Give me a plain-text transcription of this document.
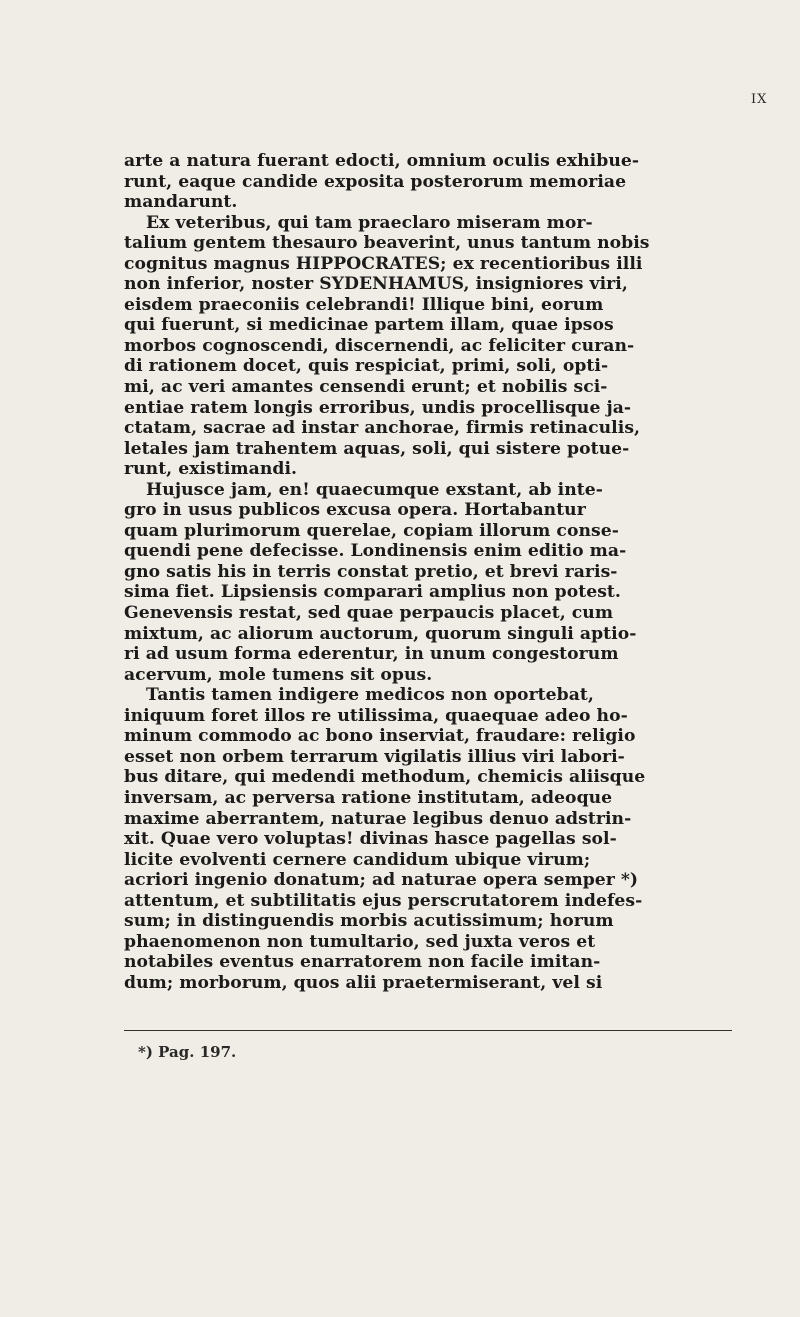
IX
arte a natura fuerant edocti, omnium oculis exhibue-
runt, eaque candide exposita posterorum memoriae
mandarunt.
Ex veteribus, qui tam praeclaro miseram mor-
talium gentem thesauro beaverint, unus tantum nobis
cognitus magnus HIPPOCRATES; ex recentioribus illi
non inferior, noster SYDENHAMUS, insigniores viri,
eisdem praeconiis celebrandi! Illique bini, eorum
qui fuerunt, si medicinae partem illam, quae ipsos
morbos cognoscendi, discernendi, ac feliciter curan-
di rationem docet, quis respiciat, primi, soli, opti-
mi, ac veri amantes censendi erunt; et nobilis sci-
entiae ratem longis erroribus, undis procellisque ja-
ctatam, sacrae ad instar anchorae, firmis retinaculis,
letales jam trahentem aquas, soli, qui sistere potue-
runt, existimandi.
Hujusce jam, en! quaecumque exstant, ab inte-
gro in usus publicos excusa opera. Hortabantur
quam plurimorum querelae, copiam illorum conse-
quendi pene defecisse. Londinensis enim editio ma-
gno satis his in terris constat pretio, et brevi raris-
sima fiet. Lipsiensis comparari amplius non potest.
Genevensis restat, sed quae perpaucis placet, cum
mixtum, ac aliorum auctorum, quorum singuli aptio-
ri ad usum forma ederentur, in unum congestorum
acervum, mole tumens sit opus.
Tantis tamen indigere medicos non oportebat,
iniquum foret illos re utilissima, quaequae adeo ho-
minum commodo ac bono inserviat, fraudare: religio
esset non orbem terrarum vigilatis illius viri labori-
bus ditare, qui medendi methodum, chemicis aliisque
inversam, ac perversa ratione institutam, adeoque
maxime aberrantem, naturae legibus denuo adstrin-
xit. Quae vero voluptas! divinas hasce pagellas sol-
licite evolventi cernere candidum ubique virum;
acriori ingenio donatum; ad naturae opera semper *)
attentum, et subtilitatis ejus perscrutatorem indefes-
sum; in distinguendis morbis acutissimum; horum
phaenomenon non tumultario, sed juxta veros et
notabiles eventus enarratorem non facile imitan-
dum; morborum, quos alii praetermiserant, vel si
*) Pag. 197.
